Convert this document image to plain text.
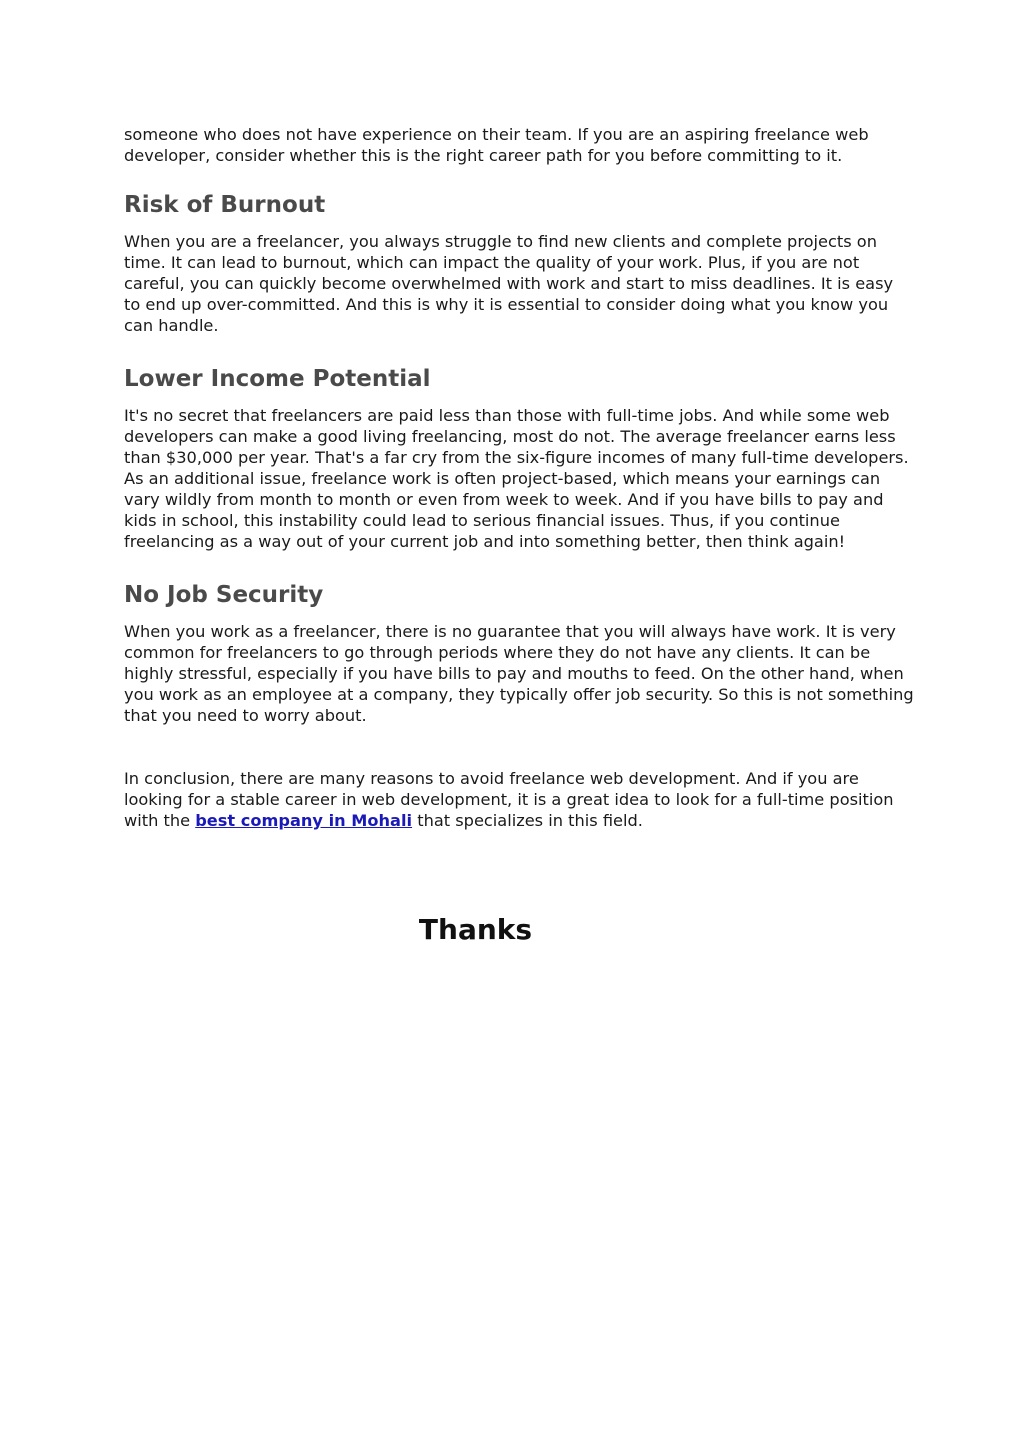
someone who does not have experience on their team. If you are an aspiring freelance web developer, consider whether this is the right career path for you before committing to it.

Risk of Burnout

When you are a freelancer, you always struggle to find new clients and complete projects on time. It can lead to burnout, which can impact the quality of your work. Plus, if you are not careful, you can quickly become overwhelmed with work and start to miss deadlines. It is easy to end up over-committed. And this is why it is essential to consider doing what you know you can handle.

Lower Income Potential

It's no secret that freelancers are paid less than those with full-time jobs. And while some web developers can make a good living freelancing, most do not. The average freelancer earns less than $30,000 per year. That's a far cry from the six-figure incomes of many full-time developers. As an additional issue, freelance work is often project-based, which means your earnings can vary wildly from month to month or even from week to week. And if you have bills to pay and kids in school, this instability could lead to serious financial issues. Thus, if you continue freelancing as a way out of your current job and into something better, then think again!

No Job Security

When you work as a freelancer, there is no guarantee that you will always have work. It is very common for freelancers to go through periods where they do not have any clients. It can be highly stressful, especially if you have bills to pay and mouths to feed. On the other hand, when you work as an employee at a company, they typically offer job security. So this is not something that you need to worry about.

In conclusion, there are many reasons to avoid freelance web development. And if you are looking for a stable career in web development, it is a great idea to look for a full-time position with the best company in Mohali that specializes in this field.

Thanks
